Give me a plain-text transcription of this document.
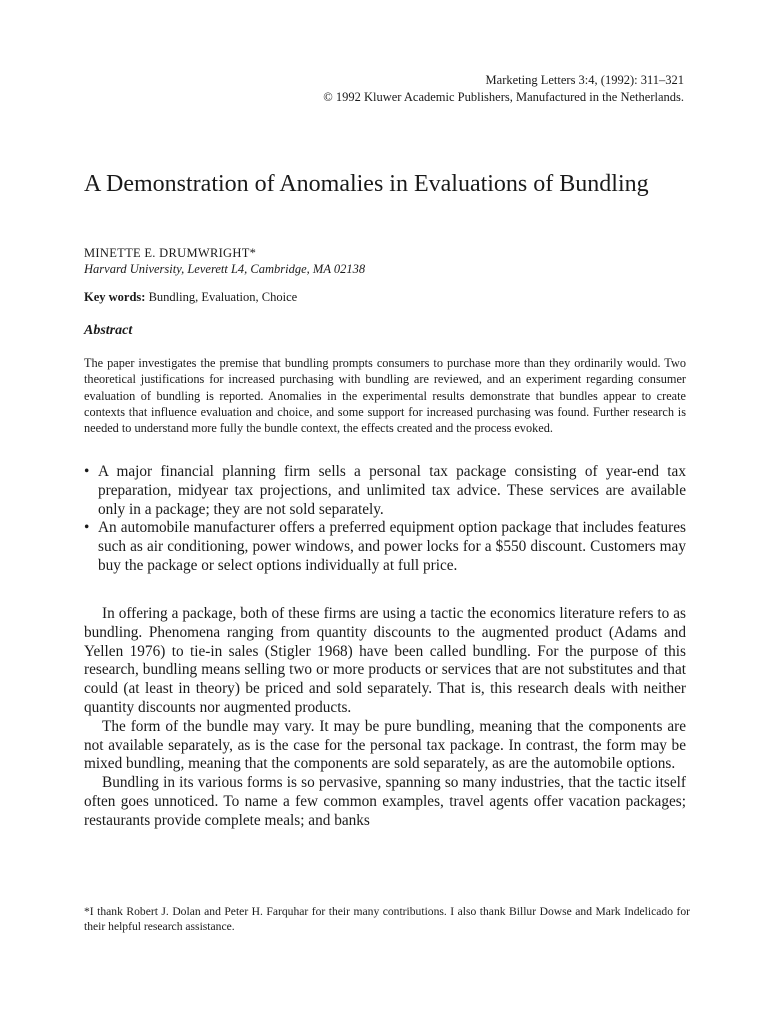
Marketing Letters 3:4, (1992): 311–321
© 1992 Kluwer Academic Publishers, Manufactured in the Netherlands.
A Demonstration of Anomalies in Evaluations of Bundling
MINETTE E. DRUMWRIGHT*
Harvard University, Leverett L4, Cambridge, MA 02138
Key words: Bundling, Evaluation, Choice
Abstract
The paper investigates the premise that bundling prompts consumers to purchase more than they ordinarily would. Two theoretical justifications for increased purchasing with bundling are reviewed, and an experiment regarding consumer evaluation of bundling is reported. Anomalies in the experimental results demonstrate that bundles appear to create contexts that influence evaluation and choice, and some support for increased purchasing was found. Further research is needed to understand more fully the bundle context, the effects created and the process evoked.
• A major financial planning firm sells a personal tax package consisting of year-end tax preparation, midyear tax projections, and unlimited tax advice. These services are available only in a package; they are not sold separately.
• An automobile manufacturer offers a preferred equipment option package that includes features such as air conditioning, power windows, and power locks for a $550 discount. Customers may buy the package or select options individually at full price.

In offering a package, both of these firms are using a tactic the economics literature refers to as bundling. Phenomena ranging from quantity discounts to the augmented product (Adams and Yellen 1976) to tie-in sales (Stigler 1968) have been called bundling. For the purpose of this research, bundling means selling two or more products or services that are not substitutes and that could (at least in theory) be priced and sold separately. That is, this research deals with neither quantity discounts nor augmented products.

The form of the bundle may vary. It may be pure bundling, meaning that the components are not available separately, as is the case for the personal tax package. In contrast, the form may be mixed bundling, meaning that the components are sold separately, as are the automobile options.

Bundling in its various forms is so pervasive, spanning so many industries, that the tactic itself often goes unnoticed. To name a few common examples, travel agents offer vacation packages; restaurants provide complete meals; and banks

*I thank Robert J. Dolan and Peter H. Farquhar for their many contributions. I also thank Billur Dowse and Mark Indelicado for their helpful research assistance.
